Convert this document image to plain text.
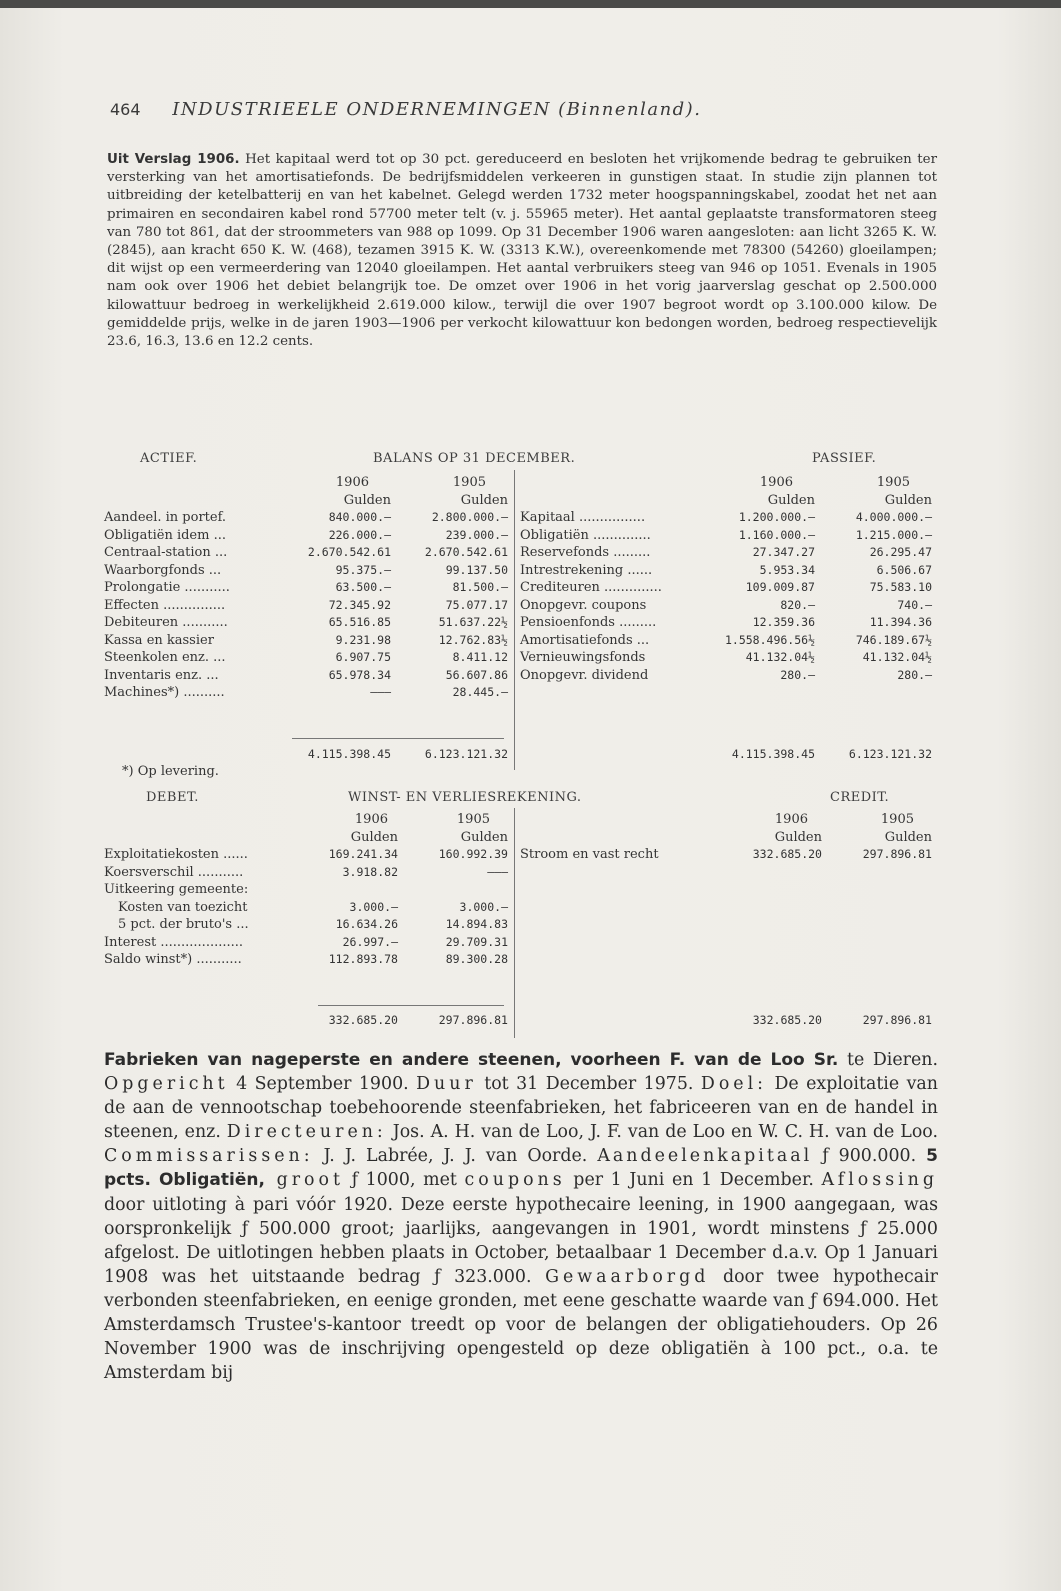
464 INDUSTRIEELE ONDERNEMINGEN (Binnenland).
Uit Verslag 1906. Het kapitaal werd tot op 30 pct. gereduceerd en besloten het vrijkomende bedrag te gebruiken ter versterking van het amortisatiefonds. De bedrijfsmiddelen verkeeren in gunstigen staat. In studie zijn plannen tot uitbreiding der ketelbatterij en van het kabelnet. Gelegd werden 1732 meter hoogspanningskabel, zoodat het net aan primairen en secondairen kabel rond 57700 meter telt (v. j. 55965 meter). Het aantal geplaatste transformatoren steeg van 780 tot 861, dat der stroommeters van 988 op 1099. Op 31 December 1906 waren aangesloten: aan licht 3265 K. W. (2845), aan kracht 650 K. W. (468), tezamen 3915 K. W. (3313 K.W.), overeenkomende met 78300 (54260) gloeilampen; dit wijst op een vermeerdering van 12040 gloeilampen. Het aantal verbruikers steeg van 946 op 1051. Evenals in 1905 nam ook over 1906 het debiet belangrijk toe. De omzet over 1906 in het vorig jaarverslag geschat op 2.500.000 kilowattuur bedroeg in werkelijkheid 2.619.000 kilow., terwijl die over 1907 begroot wordt op 3.100.000 kilow. De gemiddelde prijs, welke in de jaren 1903—1906 per verkocht kilowattuur kon bedongen worden, bedroeg respectievelijk 23.6, 16.3, 13.6 en 12.2 cents.
ACTIEF.	BALANS OP 31 DECEMBER.	PASSIEF.
	1906	1905
	Gulden	Gulden
Aandeel. in portef.	840.000.—	2.800.000.—
Obligatiën idem ...	226.000.—	239.000.—
Centraal-station ...	2.670.542.61	2.670.542.61
Waarborgfonds ...	95.375.—	99.137.50
Prolongatie ...........	63.500.—	81.500.—
Effecten ...............	72.345.92	75.077.17
Debiteuren ...........	65.516.85	51.637.22½
Kassa en kassier	9.231.98	12.762.83½
Steenkolen enz. ...	6.907.75	8.411.12
Inventaris enz. ...	65.978.34	56.607.86
Machines*) ..........	———	28.445.—
	1906	1905
	Gulden	Gulden
Kapitaal ................	1.200.000.—	4.000.000.—
Obligatiën ..............	1.160.000.—	1.215.000.—
Reservefonds .........	27.347.27	26.295.47
Intrestrekening ......	5.953.34	6.506.67
Crediteuren ..............	109.009.87	75.583.10
Onopgevr. coupons	820.—	740.—
Pensioenfonds .........	12.359.36	11.394.36
Amortisatiefonds ...	1.558.496.56½	746.189.67½
Vernieuwingsfonds	41.132.04½	41.132.04½
Onopgevr. dividend	280.—	280.—
4.115.398.45	6.123.121.32	4.115.398.45	6.123.121.32
*) Op levering.
DEBET.	WINST- EN VERLIESREKENING.	CREDIT.
	1906	1905
	Gulden	Gulden
Exploitatiekosten ......	169.241.34	160.992.39
Koersverschil ...........	3.918.82	———
Uitkeering gemeente:		
Kosten van toezicht	3.000.—	3.000.—
5 pct. der bruto's ...	16.634.26	14.894.83
Interest ....................	26.997.—	29.709.31
Saldo winst*) ...........	112.893.78	89.300.28
	1906	1905
	Gulden	Gulden
Stroom en vast recht	332.685.20	297.896.81
332.685.20	297.896.81	332.685.20	297.896.81
Fabrieken van nageperste en andere steenen, voorheen F. van de Loo Sr. te Dieren. Opgericht 4 September 1900. Duur tot 31 December 1975. Doel: De exploitatie van de aan de vennootschap toebehoorende steenfabrieken, het fabriceeren van en de handel in steenen, enz. Directeuren: Jos. A. H. van de Loo, J. F. van de Loo en W. C. H. van de Loo. Commissarissen: J. J. Labrée, J. J. van Oorde. Aandeelenkapitaal ƒ 900.000. 5 pcts. Obligatiën, groot ƒ 1000, met coupons per 1 Juni en 1 December. Aflossing door uitloting à pari vóór 1920. Deze eerste hypothecaire leening, in 1900 aangegaan, was oorspronkelijk ƒ 500.000 groot; jaarlijks, aangevangen in 1901, wordt minstens ƒ 25.000 afgelost. De uitlotingen hebben plaats in October, betaalbaar 1 December d.a.v. Op 1 Januari 1908 was het uitstaande bedrag ƒ 323.000. Gewaarborgd door twee hypothecair verbonden steenfabrieken, en eenige gronden, met eene geschatte waarde van ƒ 694.000. Het Amsterdamsch Trustee's-kantoor treedt op voor de belangen der obligatiehouders. Op 26 November 1900 was de inschrijving opengesteld op deze obligatiën à 100 pct., o.a. te Amsterdam bij
